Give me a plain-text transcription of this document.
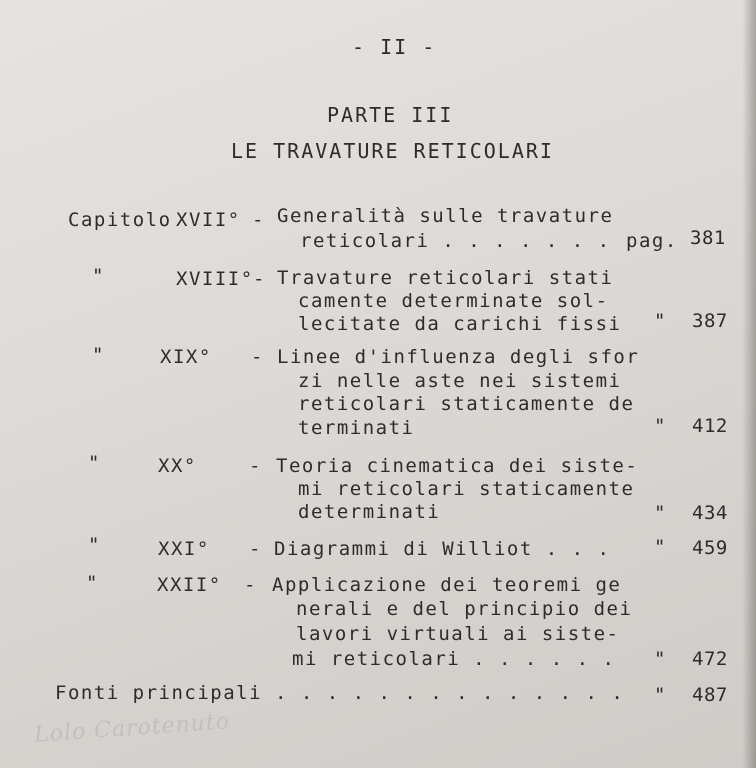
- II -
PARTE III
LE TRAVATURE RETICOLARI
Capitolo XVII° - Generalità sulle travature
reticolari . . . . . . . pag. 381
"	XVIII° - Travature reticolari stati
camente determinate sol-
lecitate da carichi fissi " 387
"	XIX° - Linee d'influenza degli sfor
zi nelle aste nei sistemi
reticolari staticamente de
terminati	" 412
"	XX°	- Teoria cinematica dei siste-
mi reticolari staticamente
determinati	" 434
"	XXI° - Diagrammi di Williot . . . " 459
"	XXII° - Applicazione dei teoremi ge
nerali e del principio dei
lavori virtuali ai siste-
mi reticolari . . . . . . " 472
Fonti principali . . . . . . . . . . . . . . " 487
Lolo Carotenuto
